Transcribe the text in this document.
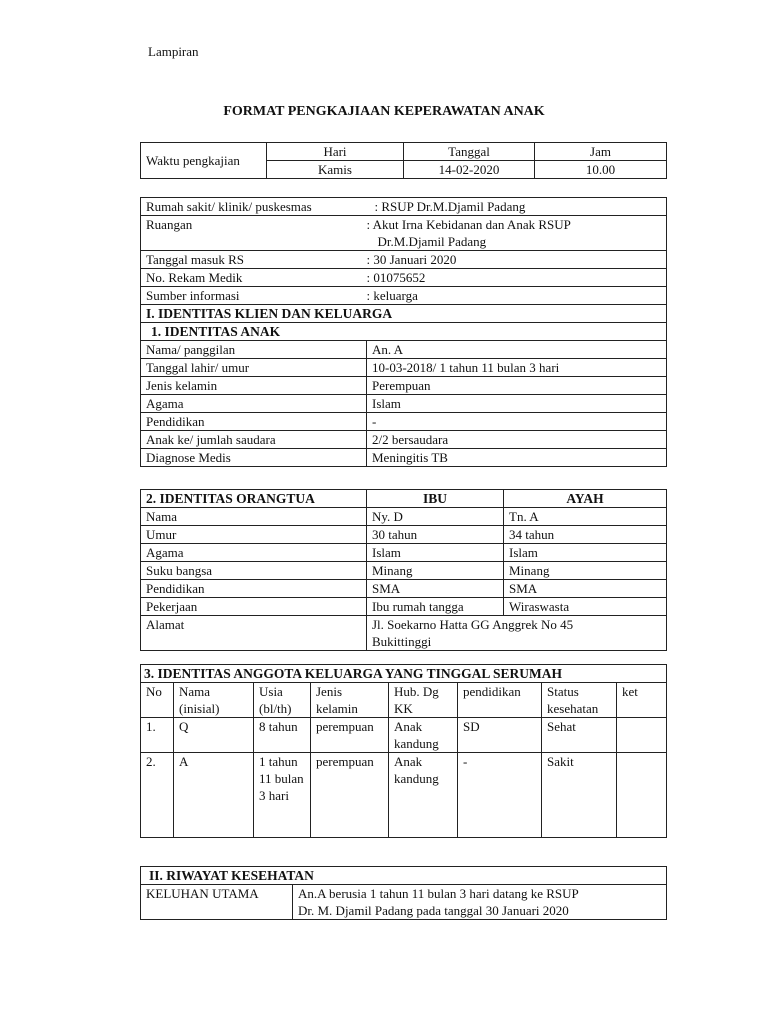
Lampiran
FORMAT PENGKAJIAAN KEPERAWATAN ANAK
Waktu pengkajian	Hari	Tanggal	Jam
	Kamis	14-02-2020	10.00
Rumah sakit/ klinik/ puskesmas	: RSUP Dr.M.Djamil Padang
Ruangan	: Akut Irna Kebidanan dan Anak RSUP
Dr.M.Djamil Padang

Tanggal masuk RS	: 30 Januari 2020
No. Rekam Medik	: 01075652
Sumber informasi	: keluarga
I. IDENTITAS KLIEN DAN KELUARGA	
1. IDENTITAS ANAK	
Nama/ panggilan	An. A
Tanggal lahir/ umur	10-03-2018/ 1 tahun 11 bulan 3 hari
Jenis kelamin	Perempuan
Agama	Islam
Pendidikan	-
Anak ke/ jumlah saudara	2/2 bersaudara
Diagnose Medis	Meningitis TB
2. IDENTITAS ORANGTUA	IBU	AYAH
Nama	Ny. D	Tn. A
Umur	30 tahun	34 tahun
Agama	Islam	Islam
Suku bangsa	Minang	Minang
Pendidikan	SMA	SMA
Pekerjaan	Ibu rumah tangga	Wiraswasta
Alamat	Jl. Soekarno Hatta GG Anggrek No 45
Bukittinggi	
3. IDENTITAS ANGGOTA KELUARGA YANG TINGGAL SERUMAH							
No	Nama (inisial)	Usia (bl/th)	Jenis kelamin	Hub. Dg KK	pendidikan	Status kesehatan	ket
1.	Q	8 tahun	perempuan	Anak kandung	SD	Sehat	
2.	A	1 tahun 11 bulan 3 hari	perempuan	Anak kandung	-	Sakit	
II. RIWAYAT KESEHATAN
KELUHAN UTAMA	An.A berusia 1 tahun 11 bulan 3 hari datang ke RSUP
Dr. M. Djamil Padang pada tanggal 30 Januari 2020
